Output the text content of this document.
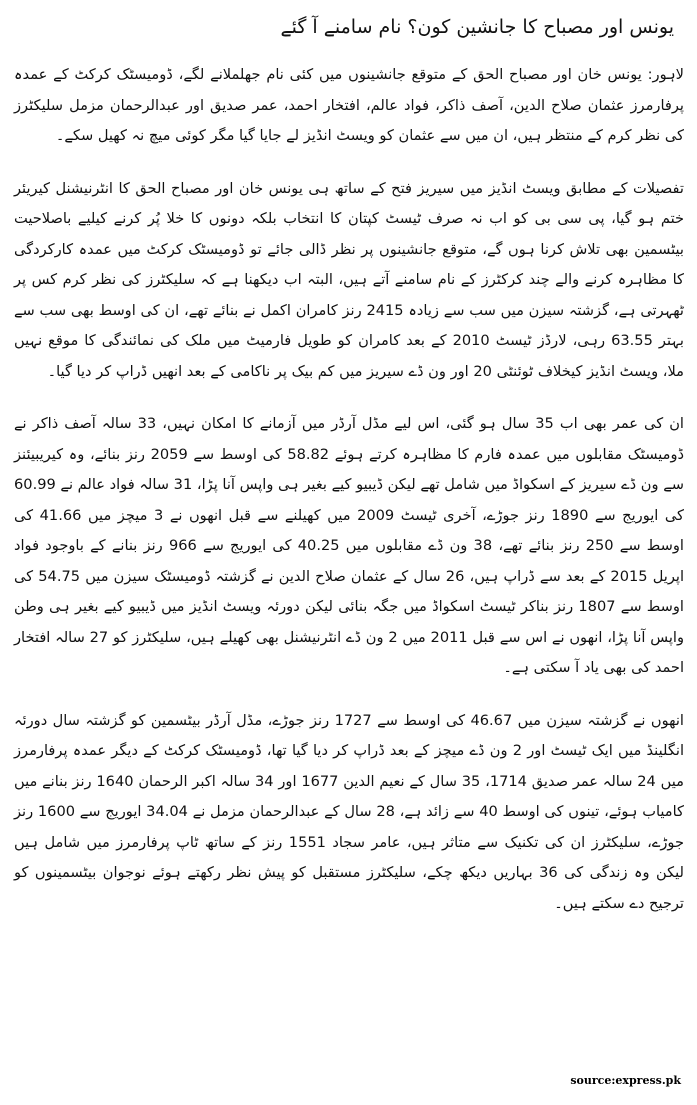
یونس اور مصباح کا جانشین کون؟ نام سامنے آ گئے

لاہور: یونس خان اور مصباح الحق کے متوقع جانشینوں میں کئی نام جھلملانے لگے، ڈومیسٹک کرکٹ کے عمدہ پرفارمرز عثمان صلاح الدین، آصف ذاکر، فواد عالم، افتخار احمد، عمر صدیق اور عبدالرحمان مزمل سلیکٹرز کی نظر کرم کے منتظر ہیں، ان میں سے عثمان کو ویسٹ انڈیز لے جایا گیا مگر کوئی میچ نہ کھیل سکے۔

تفصیلات کے مطابق ویسٹ انڈیز میں سیریز فتح کے ساتھ ہی یونس خان اور مصباح الحق کا انٹرنیشنل کیریئر ختم ہو گیا، پی سی بی کو اب نہ صرف ٹیسٹ کپتان کا انتخاب بلکہ دونوں کا خلا پُر کرنے کیلیے باصلاحیت بیٹسمین بھی تلاش کرنا ہوں گے، متوقع جانشینوں پر نظر ڈالی جائے تو ڈومیسٹک کرکٹ میں عمدہ کارکردگی کا مظاہرہ کرنے والے چند کرکٹرز کے نام سامنے آتے ہیں، البتہ اب دیکھنا ہے کہ سلیکٹرز کی نظر کرم کس پر ٹھہرتی ہے، گزشتہ سیزن میں سب سے زیادہ 2415 رنز کامران اکمل نے بنائے تھے، ان کی اوسط بھی سب سے بہتر 63.55 رہی، لارڈز ٹیسٹ 2010 کے بعد کامران کو طویل فارمیٹ میں ملک کی نمائندگی کا موقع نہیں ملا، ویسٹ انڈیز کیخلاف ٹوئنٹی 20 اور ون ڈے سیریز میں کم بیک پر ناکامی کے بعد انھیں ڈراپ کر دیا گیا۔

ان کی عمر بھی اب 35 سال ہو گئی، اس لیے مڈل آرڈر میں آزمانے کا امکان نہیں، 33 سالہ آصف ذاکر نے ڈومیسٹک مقابلوں میں عمدہ فارم کا مظاہرہ کرتے ہوئے 58.82 کی اوسط سے 2059 رنز بنائے، وہ کیریبیئنز سے ون ڈے سیریز کے اسکواڈ میں شامل تھے لیکن ڈیبیو کیے بغیر ہی واپس آنا پڑا، 31 سالہ فواد عالم نے 60.99 کی ایوریج سے 1890 رنز جوڑے، آخری ٹیسٹ 2009 میں کھیلنے سے قبل انھوں نے 3 میچز میں 41.66 کی اوسط سے 250 رنز بنائے تھے، 38 ون ڈے مقابلوں میں 40.25 کی ایوریج سے 966 رنز بنانے کے باوجود فواد اپریل 2015 کے بعد سے ڈراپ ہیں، 26 سال کے عثمان صلاح الدین نے گزشتہ ڈومیسٹک سیزن میں 54.75 کی اوسط سے 1807 رنز بناکر ٹیسٹ اسکواڈ میں جگہ بنائی لیکن دورئہ ویسٹ انڈیز میں ڈیبیو کیے بغیر ہی وطن واپس آنا پڑا، انھوں نے اس سے قبل 2011 میں 2 ون ڈے انٹرنیشنل بھی کھیلے ہیں، سلیکٹرز کو 27 سالہ افتخار احمد کی بھی یاد آ سکتی ہے۔

انھوں نے گزشتہ سیزن میں 46.67 کی اوسط سے 1727 رنز جوڑے، مڈل آرڈر بیٹسمین کو گزشتہ سال دورئہ انگلینڈ میں ایک ٹیسٹ اور 2 ون ڈے میچز کے بعد ڈراپ کر دیا گیا تھا، ڈومیسٹک کرکٹ کے دیگر عمدہ پرفارمرز میں 24 سالہ عمر صدیق 1714، 35 سال کے نعیم الدین 1677 اور 34 سالہ اکبر الرحمان 1640 رنز بنانے میں کامیاب ہوئے، تینوں کی اوسط 40 سے زائد ہے، 28 سال کے عبدالرحمان مزمل نے 34.04 ایوریج سے 1600 رنز جوڑے، سلیکٹرز ان کی تکنیک سے متاثر ہیں، عامر سجاد 1551 رنز کے ساتھ ٹاپ پرفارمرز میں شامل ہیں لیکن وہ زندگی کی 36 بہاریں دیکھ چکے، سلیکٹرز مستقبل کو پیش نظر رکھتے ہوئے نوجوان بیٹسمینوں کو ترجیح دے سکتے ہیں۔

source:express.pk
